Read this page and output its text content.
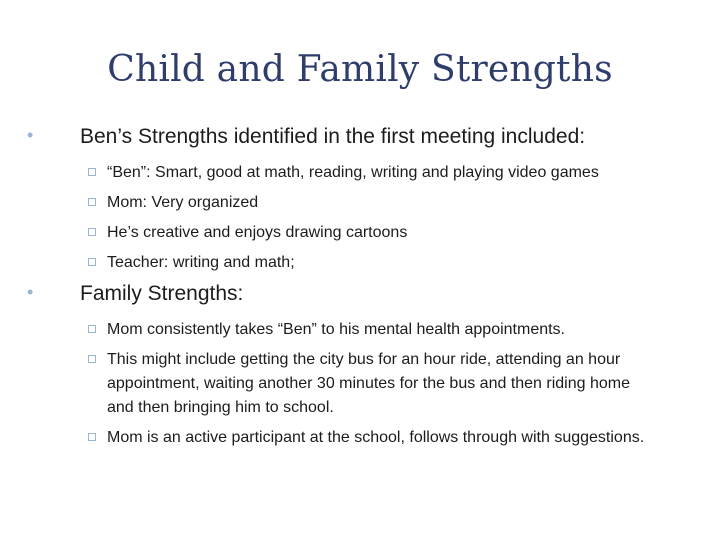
Child and Family Strengths
• Ben’s Strengths identified in the first meeting included:
“Ben”: Smart, good at math, reading, writing and playing video games
Mom: Very organized
He’s creative and enjoys drawing cartoons
Teacher: writing and math;
• Family Strengths:
Mom consistently takes “Ben” to his mental health appointments.
This might include getting the city bus for an hour ride, attending an hour appointment, waiting another 30 minutes for the bus and then riding home and then bringing him to school.
Mom is an active participant at the school, follows through with suggestions.
